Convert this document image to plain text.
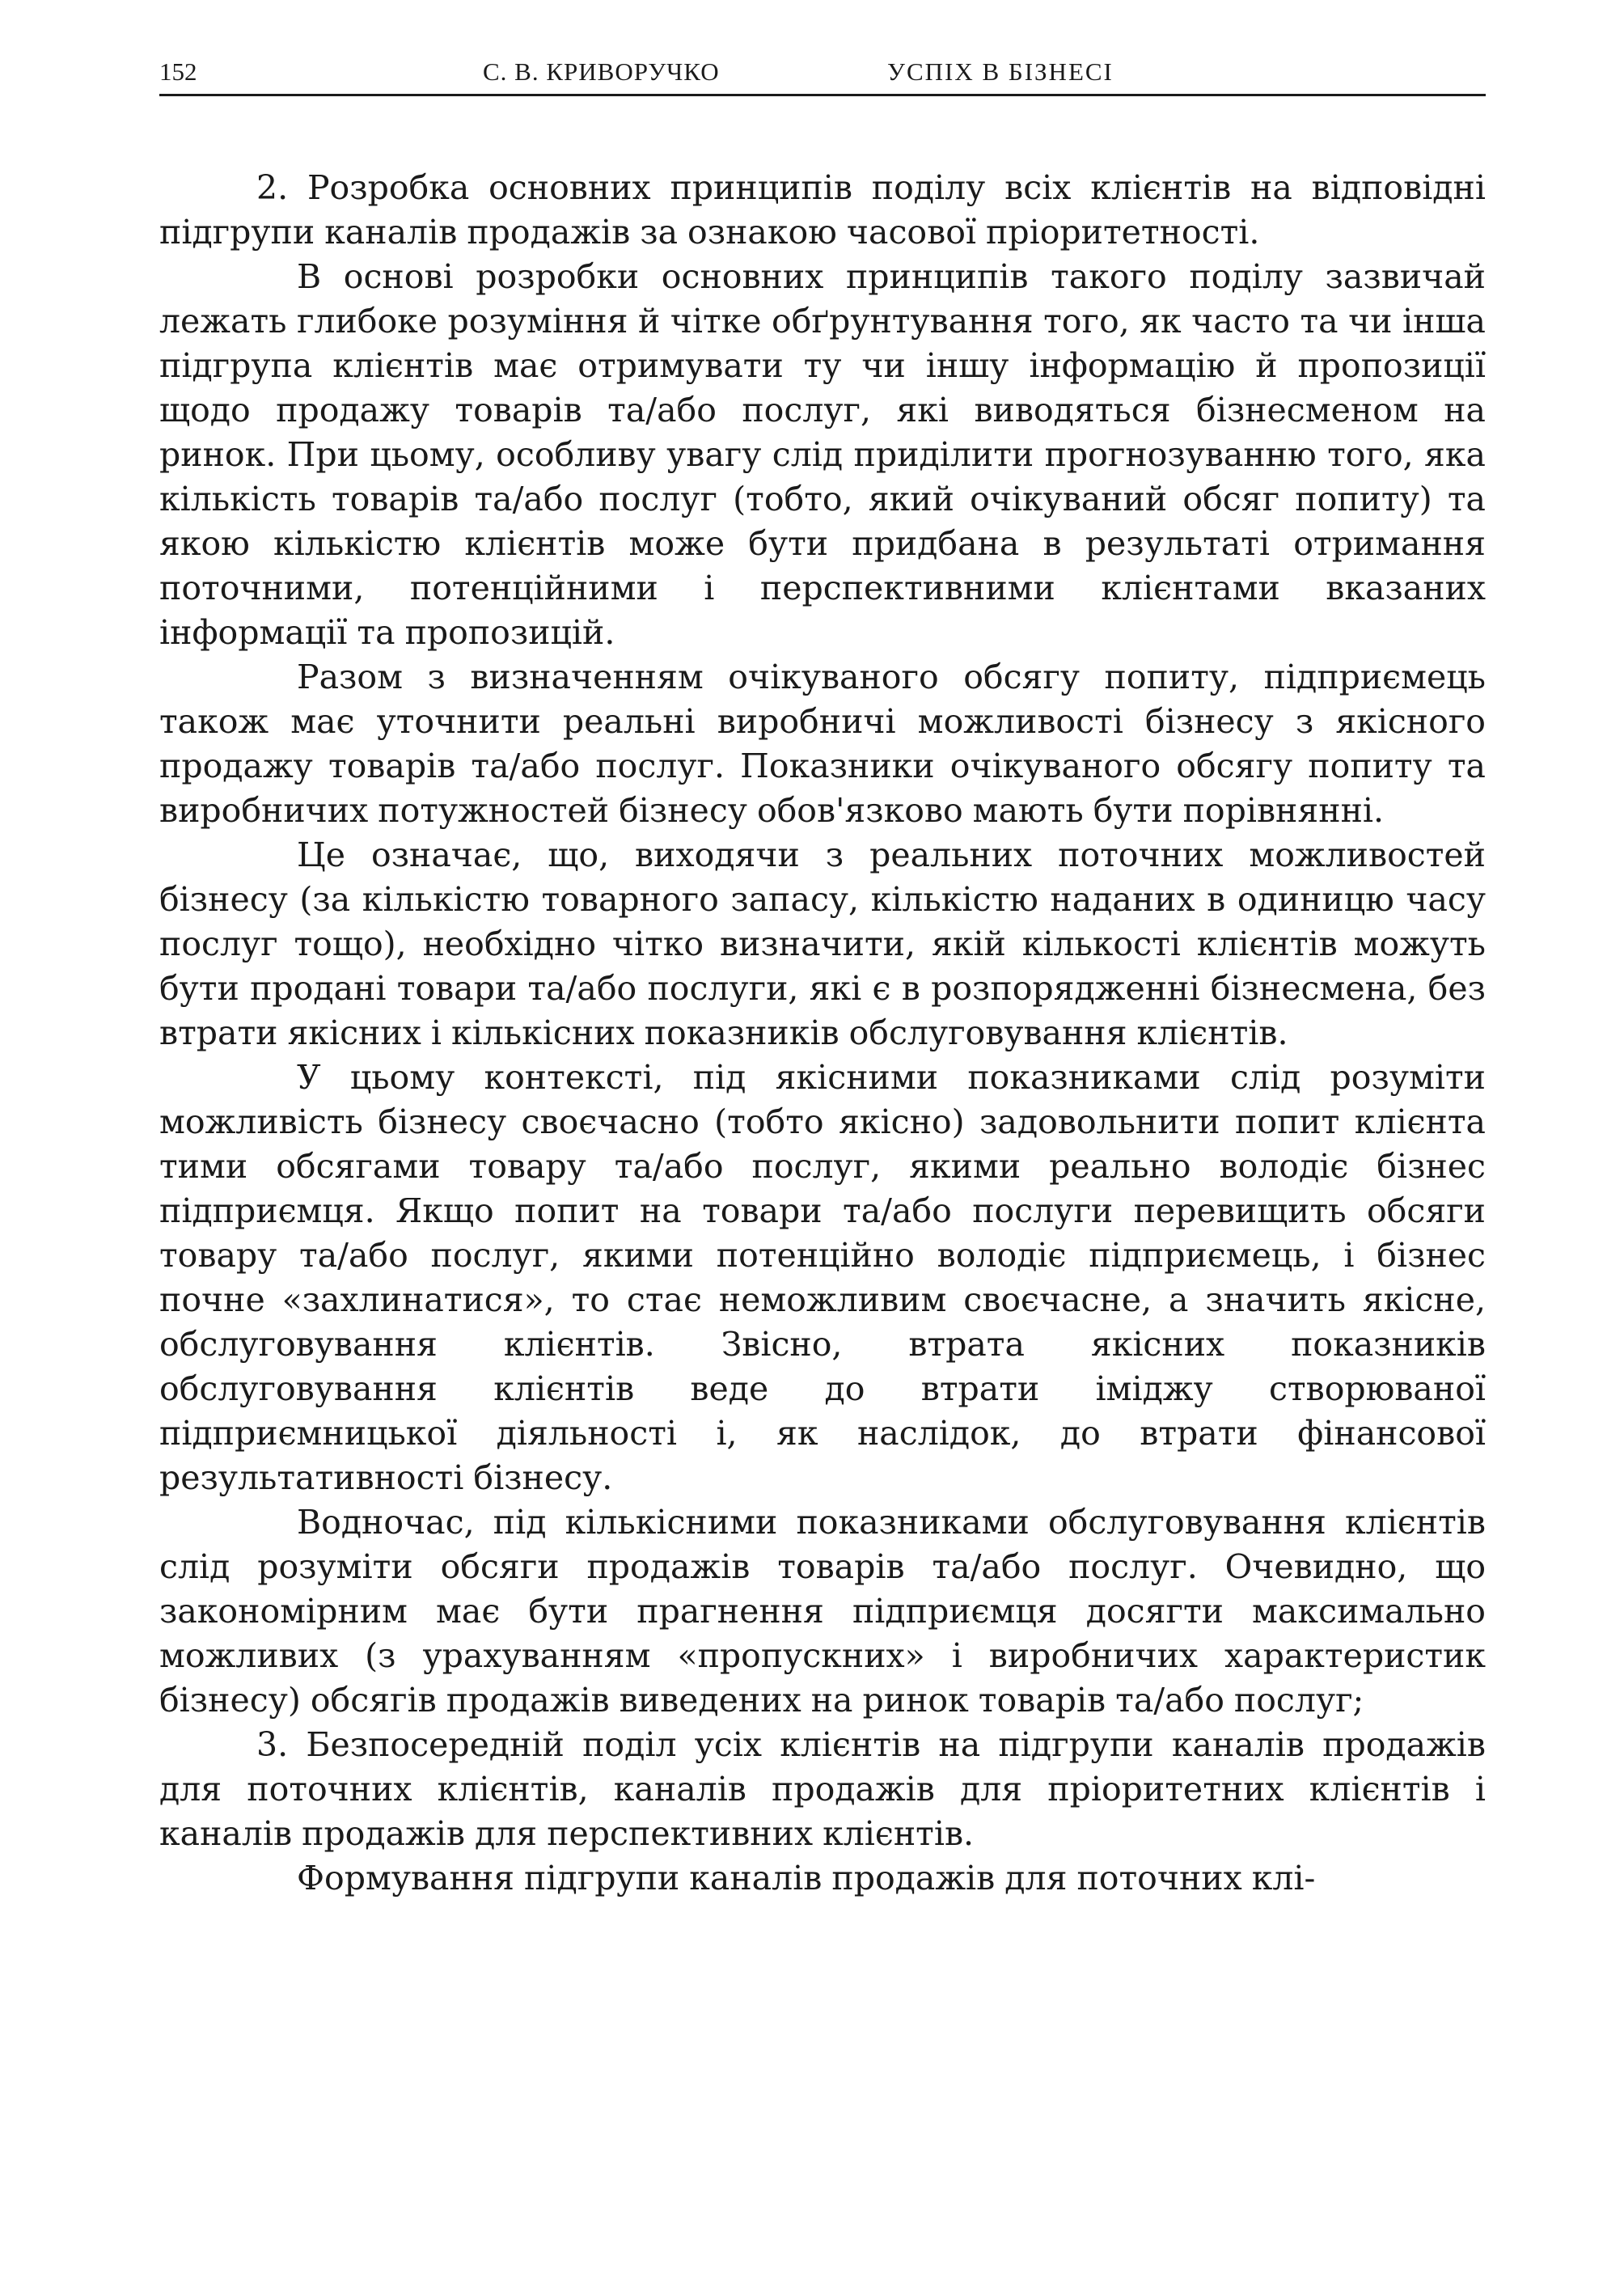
152	С. В. КРИВОРУЧКО	УСПІХ В БІЗНЕСІ

2. Розробка основних принципів поділу всіх клієнтів на відповідні підгрупи каналів продажів за ознакою часової пріоритетності.

В основі розробки основних принципів такого поділу зазвичай лежать глибоке розуміння й чітке обґрунтування того, як часто та чи інша підгрупа клієнтів має отримувати ту чи іншу інформацію й пропозиції щодо продажу товарів та/або послуг, які виводяться бізнесменом на ринок. При цьому, особливу увагу слід приділити прогнозуванню того, яка кількість товарів та/або послуг (тобто, який очікуваний обсяг попиту) та якою кількістю клієнтів може бути придбана в результаті отримання поточними, потенційними і перспективними клієнтами вказаних інформації та пропозицій.

Разом з визначенням очікуваного обсягу попиту, підприємець також має уточнити реальні виробничі можливості бізнесу з якісного продажу товарів та/або послуг. Показники очікуваного обсягу попиту та виробничих потужностей бізнесу обов'язково мають бути порівнянні.

Це означає, що, виходячи з реальних поточних можливостей бізнесу (за кількістю товарного запасу, кількістю наданих в одиницю часу послуг тощо), необхідно чітко визначити, якій кількості клієнтів можуть бути продані товари та/або послуги, які є в розпорядженні бізнесмена, без втрати якісних і кількісних показників обслуговування клієнтів.

У цьому контексті, під якісними показниками слід розуміти можливість бізнесу своєчасно (тобто якісно) задовольнити попит клієнта тими обсягами товару та/або послуг, якими реально володіє бізнес підприємця. Якщо попит на товари та/або послуги перевищить обсяги товару та/або послуг, якими потенційно володіє підприємець, і бізнес почне «захлинатися», то стає неможливим своєчасне, а значить якісне, обслуговування клієнтів. Звісно, втрата якісних показників обслуговування клієнтів веде до втрати іміджу створюваної підприємницької діяльності і, як наслідок, до втрати фінансової результативності бізнесу.

Водночас, під кількісними показниками обслуговування клієнтів слід розуміти обсяги продажів товарів та/або послуг. Очевидно, що закономірним має бути прагнення підприємця досягти максимально можливих (з урахуванням «пропускних» і виробничих характеристик бізнесу) обсягів продажів виведених на ринок товарів та/або послуг;

3. Безпосередній поділ усіх клієнтів на підгрупи каналів продажів для поточних клієнтів, каналів продажів для пріоритетних клієнтів і каналів продажів для перспективних клієнтів.

Формування підгрупи каналів продажів для поточних клі-
